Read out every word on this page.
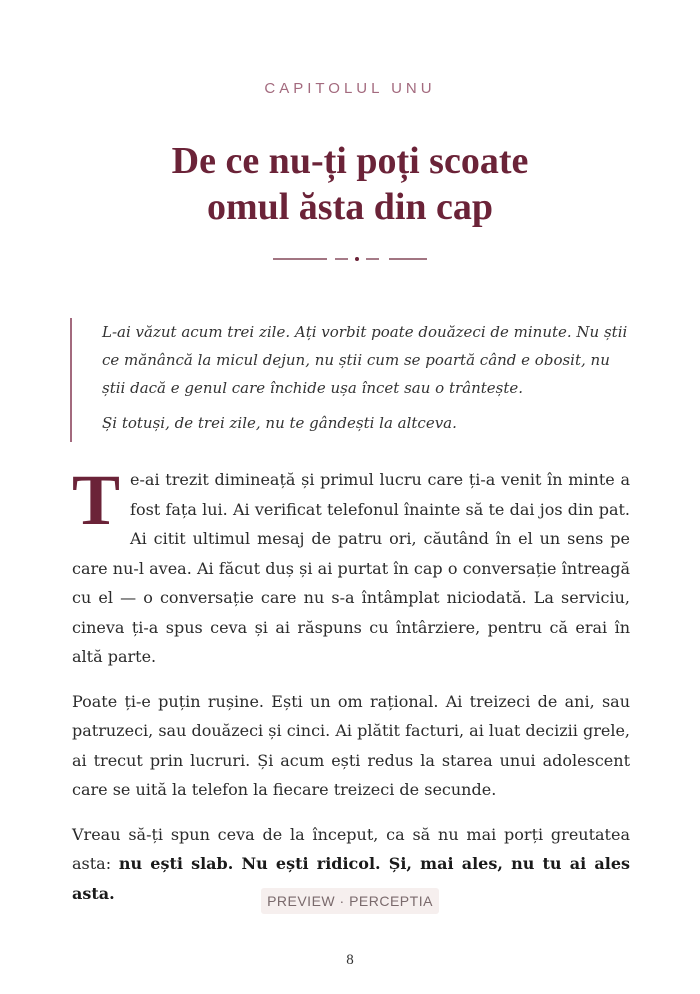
CAPITOLUL UNU
De ce nu-ți poți scoate
omul ăsta din cap

L-ai văzut acum trei zile. Ați vorbit poate douăzeci de minute. Nu știi ce mănâncă la micul dejun, nu știi cum se poartă când e obosit, nu știi dacă e genul care închide ușa încet sau o trântește.

Și totuși, de trei zile, nu te gândești la altceva.

Te-ai trezit dimineață și primul lucru care ți-a venit în minte a fost fața lui. Ai verificat telefonul înainte să te dai jos din pat. Ai citit ultimul mesaj de patru ori, căutând în el un sens pe care nu-l avea. Ai făcut duș și ai purtat în cap o conversație întreagă cu el — o conversație care nu s-a întâmplat niciodată. La serviciu, cineva ți-a spus ceva și ai răspuns cu întârziere, pentru că erai în altă parte.

Poate ți-e puțin rușine. Ești un om rațional. Ai treizeci de ani, sau patruzeci, sau douăzeci și cinci. Ai plătit facturi, ai luat decizii grele, ai trecut prin lucruri. Și acum ești redus la starea unui adolescent care se uită la telefon la fiecare treizeci de secunde.

Vreau să-ți spun ceva de la început, ca să nu mai porți greutatea asta: nu ești slab. Nu ești ridicol. Și, mai ales, nu tu ai ales asta.	PREVIEW · PERCEPTIA
8
